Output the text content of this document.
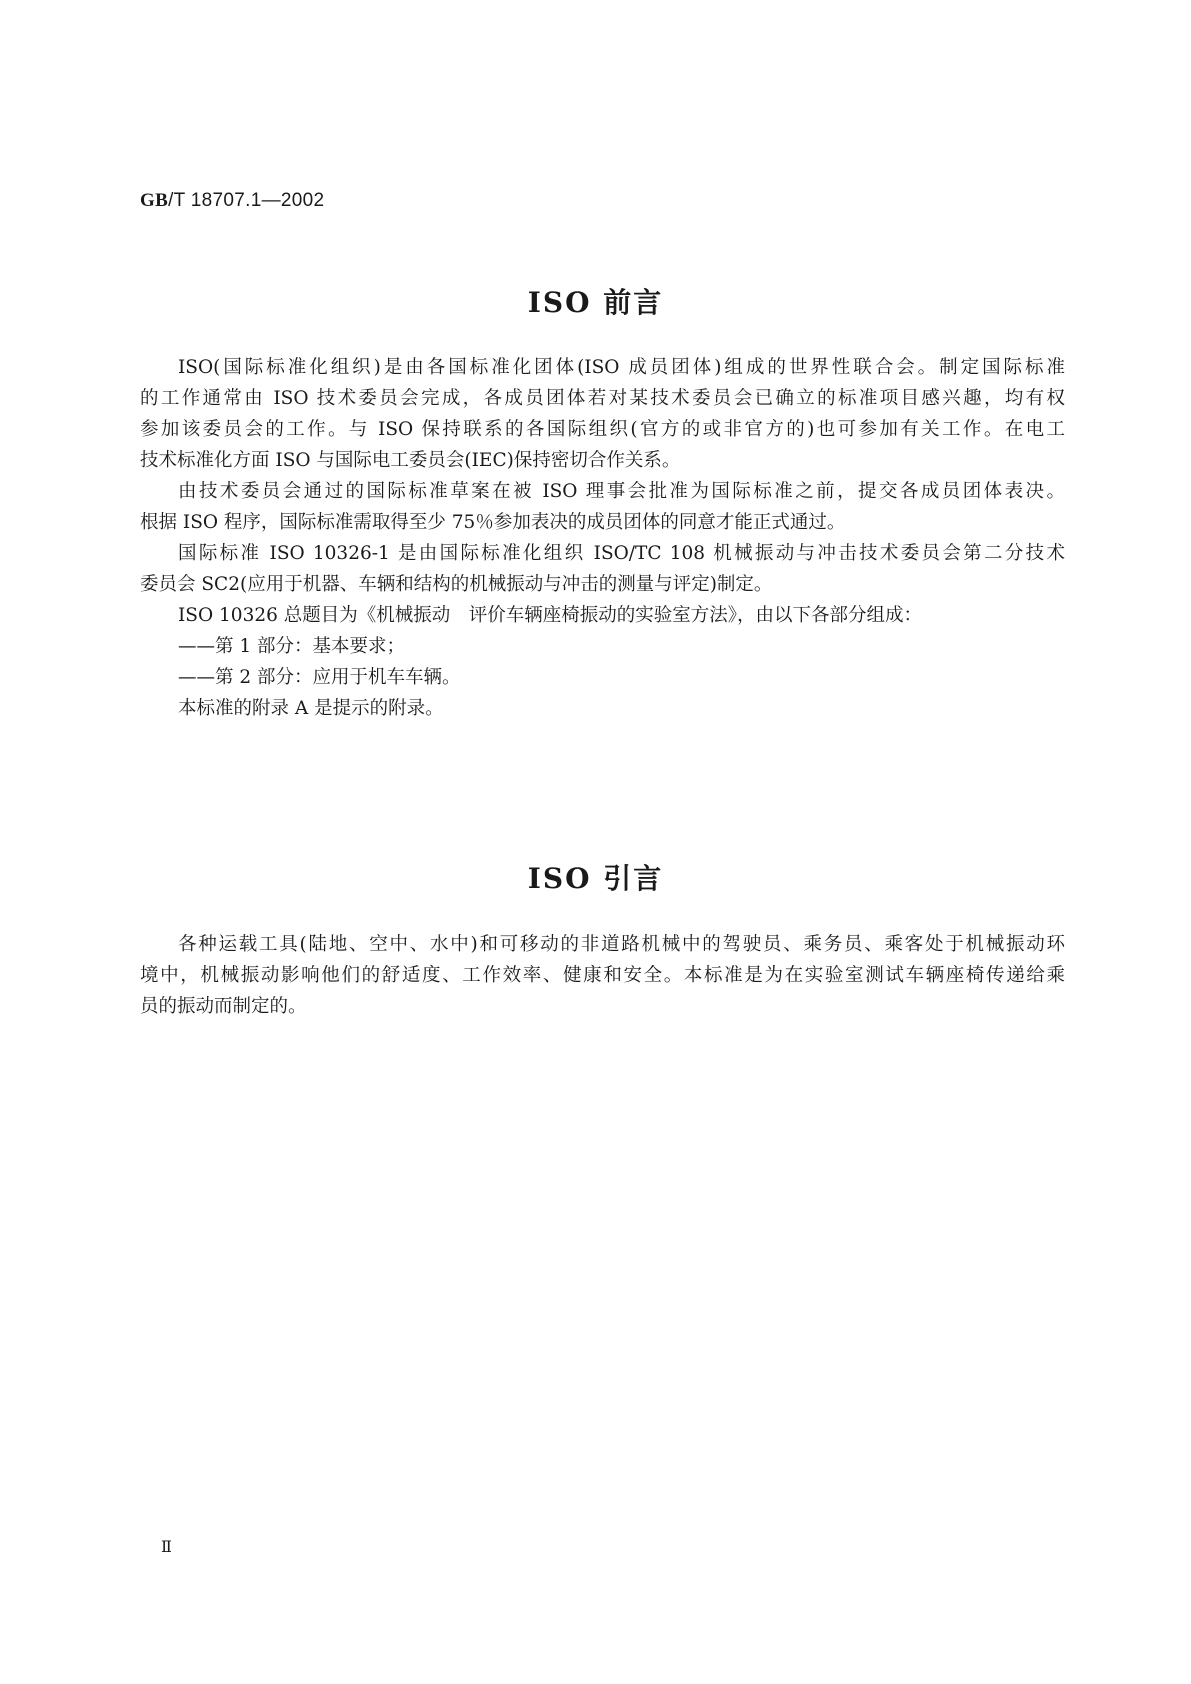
GB/T 18707.1—2002
ISO 前言
ISO(国际标准化组织)是由各国标准化团体(ISO 成员团体)组成的世界性联合会。制定国际标准
的工作通常由 ISO 技术委员会完成，各成员团体若对某技术委员会已确立的标准项目感兴趣，均有权
参加该委员会的工作。与 ISO 保持联系的各国际组织(官方的或非官方的)也可参加有关工作。在电工
技术标准化方面 ISO 与国际电工委员会(IEC)保持密切合作关系。
由技术委员会通过的国际标准草案在被 ISO 理事会批准为国际标准之前，提交各成员团体表决。
根据 ISO 程序，国际标准需取得至少 75％参加表决的成员团体的同意才能正式通过。
国际标准 ISO 10326-1 是由国际标准化组织 ISO/TC 108 机械振动与冲击技术委员会第二分技术
委员会 SC2(应用于机器、车辆和结构的机械振动与冲击的测量与评定)制定。
ISO 10326 总题目为《机械振动　评价车辆座椅振动的实验室方法》，由以下各部分组成：
——第 1 部分：基本要求；
——第 2 部分：应用于机车车辆。
本标准的附录 A 是提示的附录。
ISO 引言
各种运载工具(陆地、空中、水中)和可移动的非道路机械中的驾驶员、乘务员、乘客处于机械振动环
境中，机械振动影响他们的舒适度、工作效率、健康和安全。本标准是为在实验室测试车辆座椅传递给乘
员的振动而制定的。
Ⅱ
